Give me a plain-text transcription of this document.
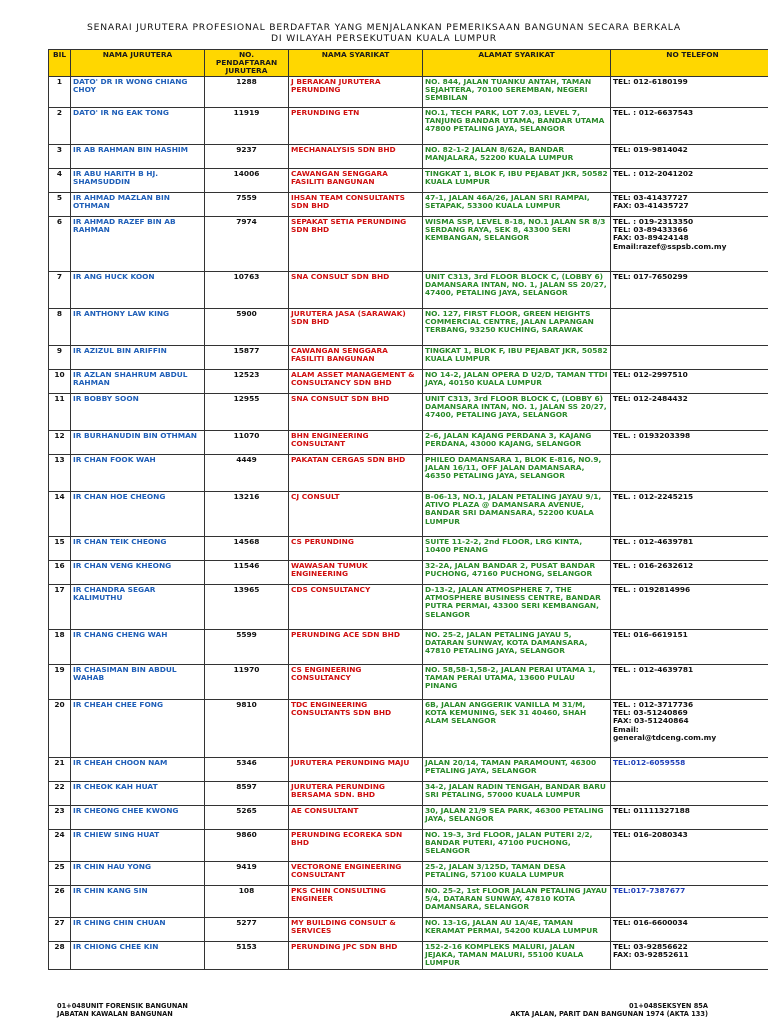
SENARAI JURUTERA PROFESIONAL BERDAFTAR YANG MENJALANKAN PEMERIKSAAN BANGUNAN SECARA BERKALA
DI WILAYAH PERSEKUTUAN KUALA LUMPUR
BIL	NAMA JURUTERA	NO. PENDAFTARAN JURUTERA	NAMA SYARIKAT	ALAMAT SYARIKAT	NO TELEFON
1	DATO' DR IR WONG CHIANG CHOY	1288	J BERAKAN JURUTERA PERUNDING	NO. 844, JALAN TUANKU ANTAH, TAMAN SEJAHTERA, 70100 SEREMBAN, NEGERI SEMBILAN	TEL: 012-6180199
2	DATO' IR NG EAK TONG	11919	PERUNDING ETN	NO.1, TECH PARK, LOT 7.03, LEVEL 7, TANJUNG BANDAR UTAMA, BANDAR UTAMA 47800 PETALING JAYA, SELANGOR	TEL. : 012-6637543
3	IR AB RAHMAN BIN HASHIM	9237	MECHANALYSIS SDN BHD	NO. 82-1-2 JALAN 8/62A, BANDAR MANJALARA, 52200 KUALA LUMPUR	TEL: 019-9814042
4	IR ABU HARITH B HJ. SHAMSUDDIN	14006	CAWANGAN SENGGARA FASILITI BANGUNAN	TINGKAT 1, BLOK F, IBU PEJABAT JKR, 50582 KUALA LUMPUR	TEL. : 012-2041202
5	IR AHMAD MAZLAN BIN OTHMAN	7559	IHSAN TEAM CONSULTANTS SDN BHD	47-1, JALAN 46A/26, JALAN SRI RAMPAI, SETAPAK, 53300 KUALA LUMPUR	TEL: 03-41437727
FAX: 03-41435727
6	IR AHMAD RAZEF BIN AB RAHMAN	7974	SEPAKAT SETIA PERUNDING SDN BHD	WISMA SSP, LEVEL 8-18, NO.1 JALAN SR 8/3 SERDANG RAYA, SEK 8, 43300 SERI KEMBANGAN, SELANGOR	TEL. : 019-2313350
TEL: 03-89433366
FAX: 03-89424148
Email:razef@sspsb.com.my
7	IR ANG HUCK KOON	10763	SNA CONSULT SDN BHD	UNIT C313, 3rd FLOOR BLOCK C, (LOBBY 6) DAMANSARA INTAN, NO. 1, JALAN SS 20/27, 47400, PETALING JAYA, SELANGOR	TEL: 017-7650299
8	IR ANTHONY LAW KING	5900	JURUTERA JASA (SARAWAK) SDN BHD	NO. 127, FIRST FLOOR, GREEN HEIGHTS COMMERCIAL CENTRE, JALAN LAPANGAN TERBANG, 93250 KUCHING, SARAWAK	
9	IR AZIZUL BIN ARIFFIN	15877	CAWANGAN SENGGARA FASILITI BANGUNAN	TINGKAT 1, BLOK F, IBU PEJABAT JKR, 50582 KUALA LUMPUR	
10	IR AZLAN SHAHRUM ABDUL RAHMAN	12523	ALAM ASSET MANAGEMENT & CONSULTANCY SDN BHD	NO 14-2, JALAN OPERA D U2/D, TAMAN TTDI JAYA, 40150 KUALA LUMPUR	TEL: 012-2997510
11	IR BOBBY SOON	12955	SNA CONSULT SDN BHD	UNIT C313, 3rd FLOOR BLOCK C, (LOBBY 6) DAMANSARA INTAN, NO. 1, JALAN SS 20/27, 47400, PETALING JAYA, SELANGOR	TEL: 012-2484432
12	IR BURHANUDIN BIN OTHMAN	11070	BHN ENGINEERING CONSULTANT	2-6, JALAN KAJANG PERDANA 3, KAJANG PERDANA, 43000 KAJANG, SELANGOR	TEL. : 0193203398
13	IR CHAN FOOK WAH	4449	PAKATAN CERGAS SDN BHD	PHILEO DAMANSARA 1, BLOK E-816, NO.9, JALAN 16/11, OFF JALAN DAMANSARA, 46350 PETALING JAYA, SELANGOR	
14	IR CHAN HOE CHEONG	13216	CJ CONSULT	B-06-13, NO.1, JALAN PETALING JAYAU 9/1, ATIVO PLAZA @ DAMANSARA AVENUE, BANDAR SRI DAMANSARA, 52200 KUALA LUMPUR	TEL. : 012-2245215
15	IR CHAN TEIK CHEONG	14568	CS PERUNDING	SUITE 11-2-2, 2nd FLOOR, LRG KINTA, 10400 PENANG	TEL. : 012-4639781
16	IR CHAN VENG KHEONG	11546	WAWASAN TUMUK ENGINEERING	32-2A, JALAN BANDAR 2, PUSAT BANDAR PUCHONG, 47160 PUCHONG, SELANGOR	TEL. : 016-2632612
17	IR CHANDRA SEGAR KALIMUTHU	13965	CDS CONSULTANCY	D-13-2, JALAN ATMOSPHERE 7, THE ATMOSPHERE BUSINESS CENTRE, BANDAR PUTRA PERMAI, 43300 SERI KEMBANGAN, SELANGOR	TEL. : 0192814996
18	IR CHANG CHENG WAH	5599	PERUNDING ACE SDN BHD	NO. 25-2, JALAN PETALING JAYAU 5, DATARAN SUNWAY, KOTA DAMANSARA, 47810 PETALING JAYA, SELANGOR	TEL: 016-6619151
19	IR CHASIMAN BIN ABDUL WAHAB	11970	CS ENGINEERING CONSULTANCY	NO. 58,58-1,58-2, JALAN PERAI UTAMA 1, TAMAN PERAI UTAMA, 13600 PULAU PINANG	TEL. : 012-4639781
20	IR CHEAH CHEE FONG	9810	TDC ENGINEERING CONSULTANTS SDN BHD	6B, JALAN ANGGERIK VANILLA M 31/M, KOTA KEMUNING, SEK 31 40460, SHAH ALAM SELANGOR	TEL. : 012-3717736
TEL: 03-51240869
FAX: 03-51240864
Email:
general@tdceng.com.my
21	IR CHEAH CHOON NAM	5346	JURUTERA PERUNDING MAJU	JALAN 20/14, TAMAN PARAMOUNT, 46300 PETALING JAYA, SELANGOR	TEL:012-6059558
22	IR CHEOK KAH HUAT	8597	JURUTERA PERUNDING BERSAMA SDN. BHD	34-2, JALAN RADIN TENGAH, BANDAR BARU SRI PETALING, 57000 KUALA LUMPUR	
23	IR CHEONG CHEE KWONG	5265	AE CONSULTANT	30, JALAN 21/9 SEA PARK, 46300 PETALING JAYA, SELANGOR	TEL: 01111327188
24	IR CHIEW SING HUAT	9860	PERUNDING ECOREKA SDN BHD	NO. 19-3, 3rd FLOOR, JALAN PUTERI 2/2, BANDAR PUTERI, 47100 PUCHONG, SELANGOR	TEL: 016-2080343
25	IR CHIN HAU YONG	9419	VECTORONE ENGINEERING CONSULTANT	25-2, JALAN 3/125D, TAMAN DESA PETALING, 57100 KUALA LUMPUR	
26	IR CHIN KANG SIN	108	PKS CHIN CONSULTING ENGINEER	NO. 25-2, 1st FLOOR JALAN PETALING JAYAU 5/4, DATARAN SUNWAY, 47810 KOTA DAMANSARA, SELANGOR	TEL:017-7387677
27	IR CHING CHIN CHUAN	5277	MY BUILDING CONSULT & SERVICES	NO. 13-1G, JALAN AU 1A/4E, TAMAN KERAMAT PERMAI, 54200 KUALA LUMPUR	TEL: 016-6600034
28	IR CHIONG CHEE KIN	5153	PERUNDING JPC SDN BHD	152-2-16 KOMPLEKS MALURI, JALAN JEJAKA, TAMAN MALURI, 55100 KUALA LUMPUR	TEL: 03-92856622
FAX: 03-92852611
01+048UNIT FORENSIK BANGUNAN
JABATAN KAWALAN BANGUNAN
01+048SEKSYEN 85A
AKTA JALAN, PARIT DAN BANGUNAN 1974 (AKTA 133)
